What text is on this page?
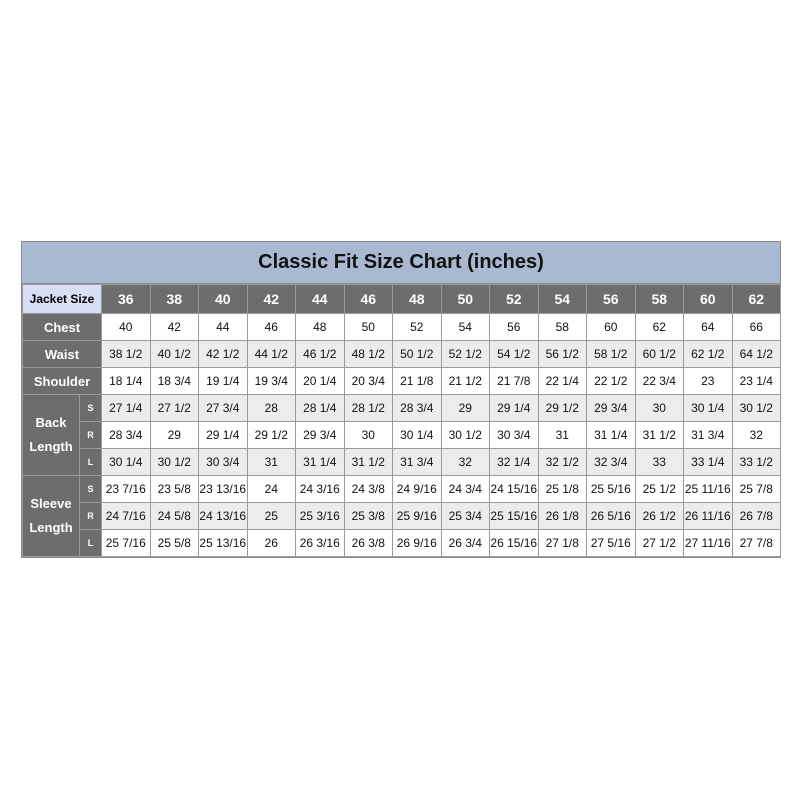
Classic Fit Size Chart (inches)
Jacket Size		36	38	40	42	44	46	48	50	52	54	56	58	60	62
Chest		40	42	44	46	48	50	52	54	56	58	60	62	64	66
Waist		38 1/2	40 1/2	42 1/2	44 1/2	46 1/2	48 1/2	50 1/2	52 1/2	54 1/2	56 1/2	58 1/2	60 1/2	62 1/2	64 1/2
Shoulder		18 1/4	18 3/4	19 1/4	19 3/4	20 1/4	20 3/4	21 1/8	21 1/2	21 7/8	22 1/4	22 1/2	22 3/4	23	23 1/4

Back
Length	S	27 1/4	27 1/2	27 3/4	28	28 1/4	28 1/2	28 3/4	29	29 1/4	29 1/2	29 3/4	30	30 1/4	30 1/2
	R	28 3/4	29	29 1/4	29 1/2	29 3/4	30	30 1/4	30 1/2	30 3/4	31	31 1/4	31 1/2	31 3/4	32
	L	30 1/4	30 1/2	30 3/4	31	31 1/4	31 1/2	31 3/4	32	32 1/4	32 1/2	32 3/4	33	33 1/4	33 1/2

Sleeve
Length	S	23 7/16	23 5/8	23 13/16	24	24 3/16	24 3/8	24 9/16	24 3/4	24 15/16	25 1/8	25 5/16	25 1/2	25 11/16	25 7/8
	R	24 7/16	24 5/8	24 13/16	25	25 3/16	25 3/8	25 9/16	25 3/4	25 15/16	26 1/8	26 5/16	26 1/2	26 11/16	26 7/8
	L	25 7/16	25 5/8	25 13/16	26	26 3/16	26 3/8	26 9/16	26 3/4	26 15/16	27 1/8	27 5/16	27 1/2	27 11/16	27 7/8
